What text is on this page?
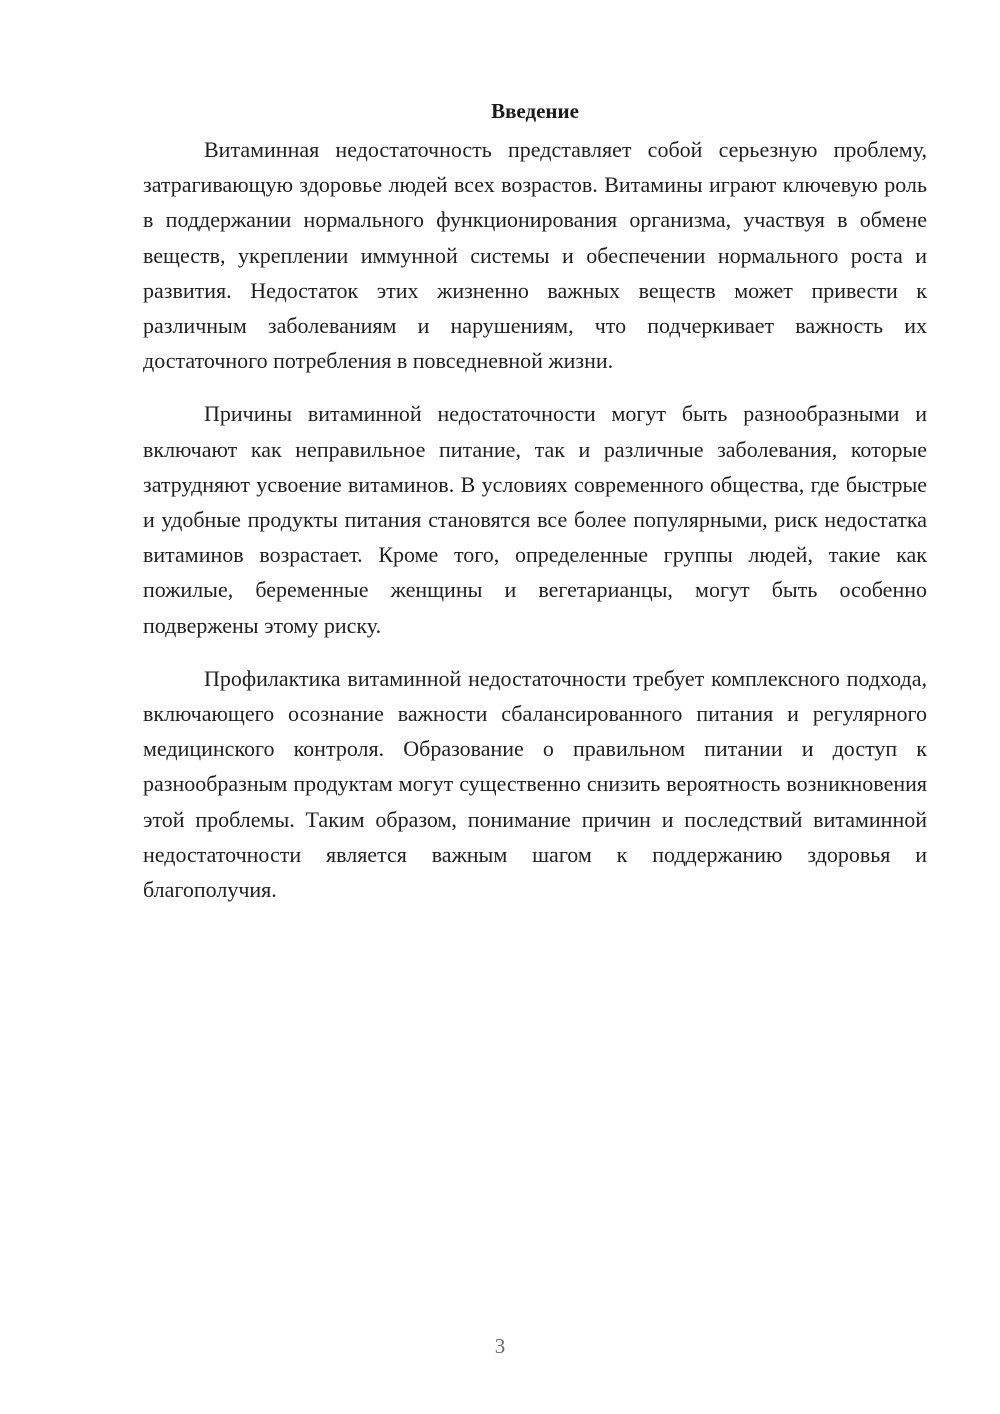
Введение

Витаминная недостаточность представляет собой серьезную проблему, затрагивающую здоровье людей всех возрастов. Витамины играют ключевую роль в поддержании нормального функционирования организма, участвуя в обмене веществ, укреплении иммунной системы и обеспечении нормального роста и развития. Недостаток этих жизненно важных веществ может привести к различным заболеваниям и нарушениям, что подчеркивает важность их достаточного потребления в повседневной жизни.

Причины витаминной недостаточности могут быть разнообразными и включают как неправильное питание, так и различные заболевания, которые затрудняют усвоение витаминов. В условиях современного общества, где быстрые и удобные продукты питания становятся все более популярными, риск недостатка витаминов возрастает. Кроме того, определенные группы людей, такие как пожилые, беременные женщины и вегетарианцы, могут быть особенно подвержены этому риску.

Профилактика витаминной недостаточности требует комплексного подхода, включающего осознание важности сбалансированного питания и регулярного медицинского контроля. Образование о правильном питании и доступ к разнообразным продуктам могут существенно снизить вероятность возникновения этой проблемы. Таким образом, понимание причин и последствий витаминной недостаточности является важным шагом к поддержанию здоровья и благополучия.

3
